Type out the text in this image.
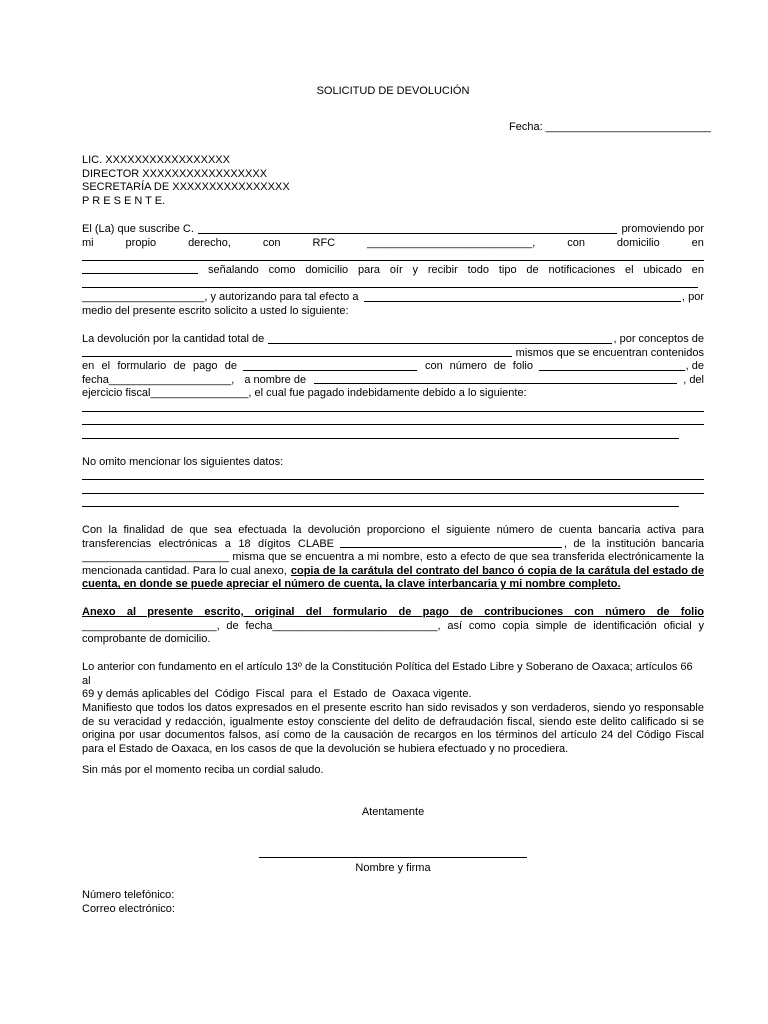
SOLICITUD DE DEVOLUCIÓN
Fecha: ___________________________
LIC. XXXXXXXXXXXXXXXXX
DIRECTOR XXXXXXXXXXXXXXXXX
SECRETARÍA DE XXXXXXXXXXXXXXXX
P R E S E N T E.
El (La) que suscribe C.	promoviendo por
mi	propio	derecho,	con	RFC	___________________________,	con	domicilio	en
señalando como domicilio para oír y recibir todo tipo de notificaciones el ubicado en
____________________, y autorizando para tal efecto a	, por
medio del presente escrito solicito a usted lo siguiente:
La devolución por la cantidad total de	, por conceptos de
mismos que se encuentran contenidos
en el formulario de pago de	con número de folio	, de
fecha____________________, a nombre de	, del
ejercicio fiscal________________, el cual fue pagado indebidamente debido a lo siguiente:
No omito mencionar los siguientes datos:
Con la finalidad de que sea efectuada la devolución proporciono el siguiente número de cuenta bancaria activa para
transferencias electrónicas a 18 dígitos CLABE	, de la institución bancaria
________________________ misma que se encuentra a mi nombre, esto a efecto de que sea transferida electrónicamente la
mencionada cantidad. Para lo cual anexo, copia de la carátula del contrato del banco ó copia de la carátula del estado de
cuenta, en donde se puede apreciar el número de cuenta, la clave interbancaria y mi nombre completo.
Anexo al presente escrito, original del formulario de pago de contribuciones con número de folio
______________________, de fecha___________________________, así como copia simple de identificación oficial y
comprobante de domicilio.
Lo anterior con fundamento en el artículo 13º de la Constitución Política del Estado Libre y Soberano de Oaxaca; artículos 66 al
69 y demás aplicables del  Código  Fiscal  para  el  Estado  de  Oaxaca vigente.
Manifiesto que todos los datos expresados en el presente escrito han sido revisados y son verdaderos, siendo yo responsable
de su veracidad y redacción, igualmente estoy consciente del delito de defraudación fiscal, siendo este delito calificado si se
origina por usar documentos falsos, así como de la causación de recargos en los términos del artículo 24 del Código Fiscal
para el Estado de Oaxaca, en los casos de que la devolución se hubiera efectuado y no procediera.
Sin más por el momento reciba un cordial saludo.
Atentamente
Nombre y firma
Número telefónico:
Correo electrónico:
